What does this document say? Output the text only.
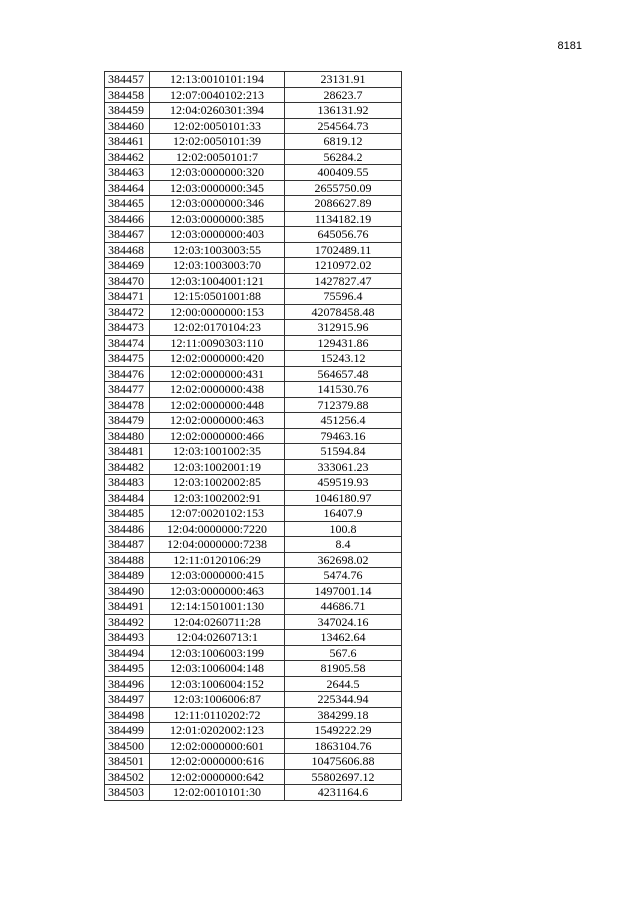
8181
384457	12:13:0010101:194	23131.91
384458	12:07:0040102:213	28623.7
384459	12:04:0260301:394	136131.92
384460	12:02:0050101:33	254564.73
384461	12:02:0050101:39	6819.12
384462	12:02:0050101:7	56284.2
384463	12:03:0000000:320	400409.55
384464	12:03:0000000:345	2655750.09
384465	12:03:0000000:346	2086627.89
384466	12:03:0000000:385	1134182.19
384467	12:03:0000000:403	645056.76
384468	12:03:1003003:55	1702489.11
384469	12:03:1003003:70	1210972.02
384470	12:03:1004001:121	1427827.47
384471	12:15:0501001:88	75596.4
384472	12:00:0000000:153	42078458.48
384473	12:02:0170104:23	312915.96
384474	12:11:0090303:110	129431.86
384475	12:02:0000000:420	15243.12
384476	12:02:0000000:431	564657.48
384477	12:02:0000000:438	141530.76
384478	12:02:0000000:448	712379.88
384479	12:02:0000000:463	451256.4
384480	12:02:0000000:466	79463.16
384481	12:03:1001002:35	51594.84
384482	12:03:1002001:19	333061.23
384483	12:03:1002002:85	459519.93
384484	12:03:1002002:91	1046180.97
384485	12:07:0020102:153	16407.9
384486	12:04:0000000:7220	100.8
384487	12:04:0000000:7238	8.4
384488	12:11:0120106:29	362698.02
384489	12:03:0000000:415	5474.76
384490	12:03:0000000:463	1497001.14
384491	12:14:1501001:130	44686.71
384492	12:04:0260711:28	347024.16
384493	12:04:0260713:1	13462.64
384494	12:03:1006003:199	567.6
384495	12:03:1006004:148	81905.58
384496	12:03:1006004:152	2644.5
384497	12:03:1006006:87	225344.94
384498	12:11:0110202:72	384299.18
384499	12:01:0202002:123	1549222.29
384500	12:02:0000000:601	1863104.76
384501	12:02:0000000:616	10475606.88
384502	12:02:0000000:642	55802697.12
384503	12:02:0010101:30	4231164.6
